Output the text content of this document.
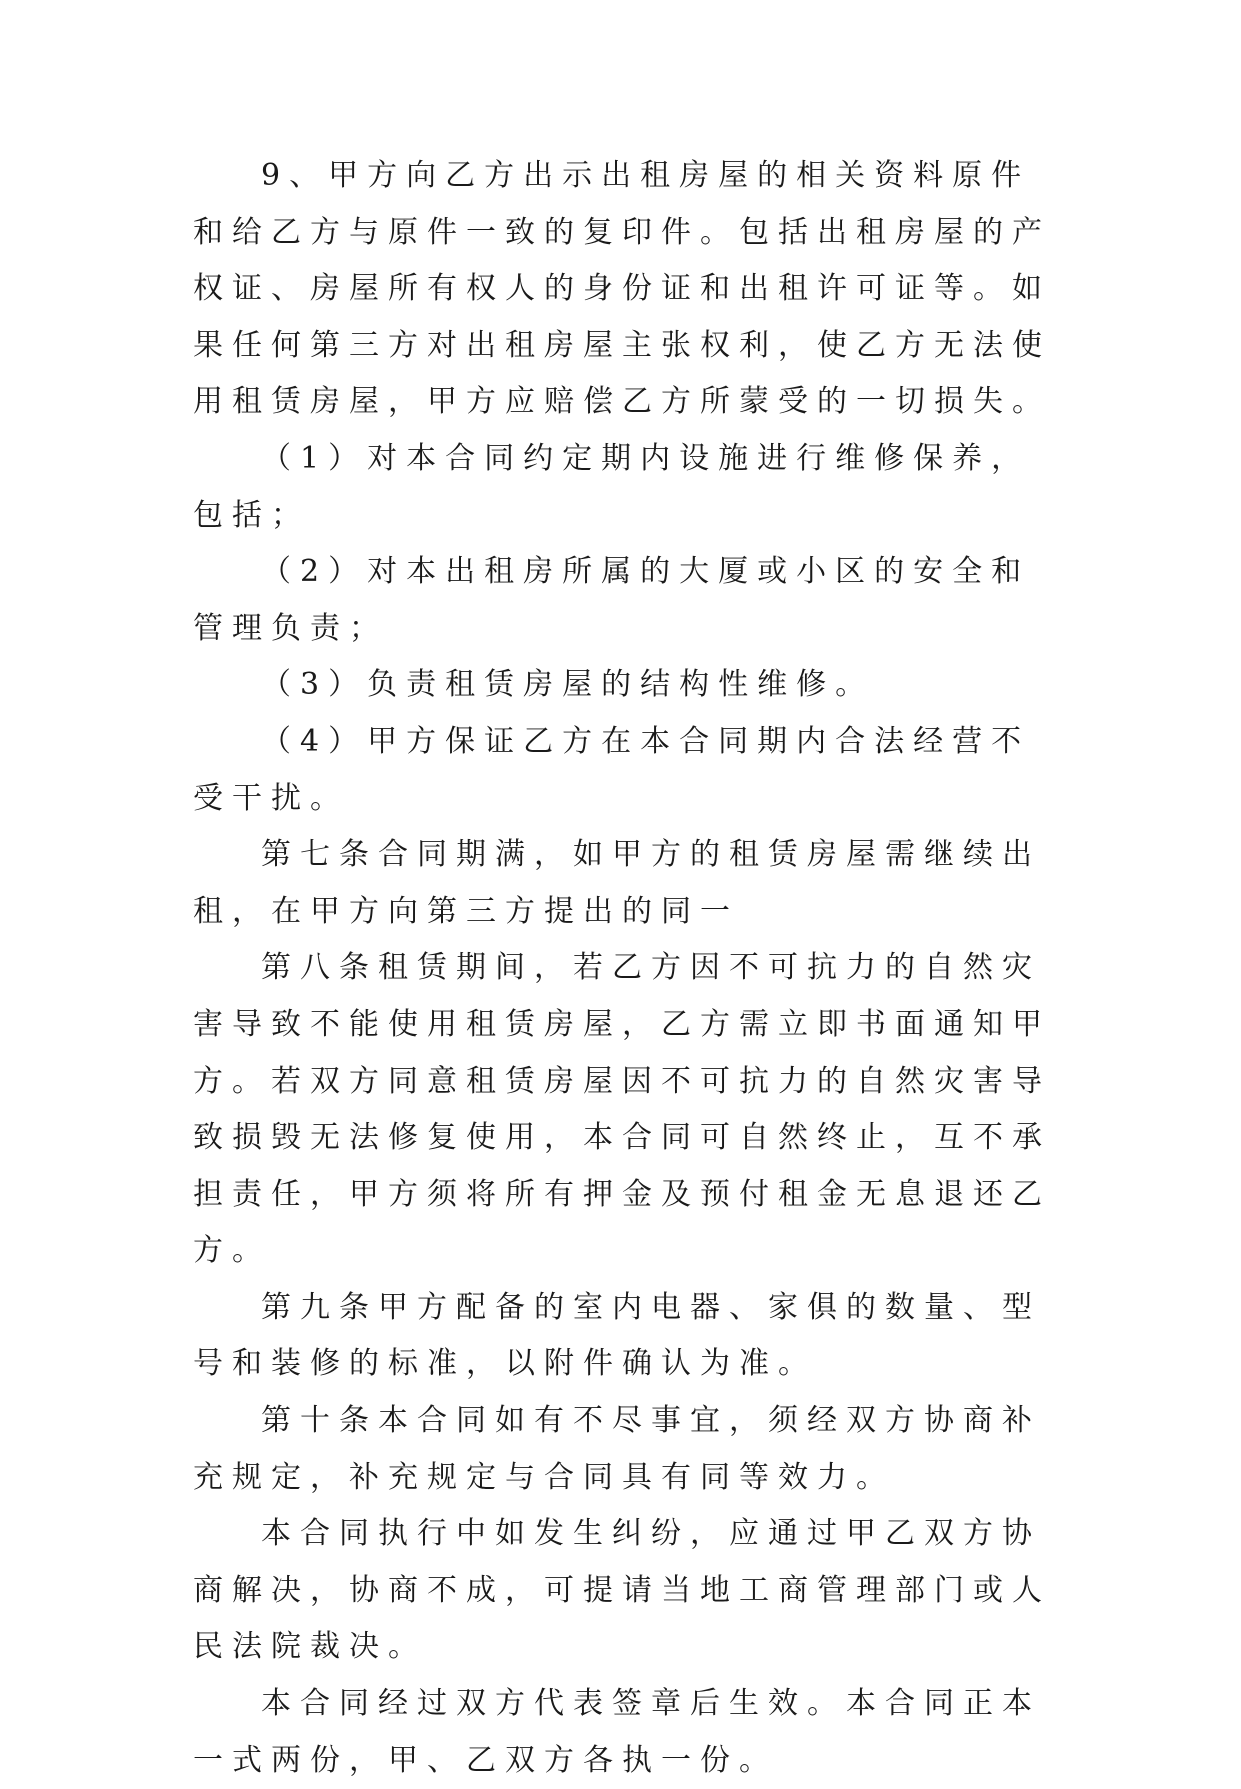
9、甲方向乙方出示出租房屋的相关资料原件和给乙方与原件一致的复印件。包括出租房屋的产权证、房屋所有权人的身份证和出租许可证等。如果任何第三方对出租房屋主张权利，使乙方无法使用租赁房屋，甲方应赔偿乙方所蒙受的一切损失。

（1）对本合同约定期内设施进行维修保养，包括；

（2）对本出租房所属的大厦或小区的安全和管理负责；

（3）负责租赁房屋的结构性维修。

（4）甲方保证乙方在本合同期内合法经营不受干扰。

第七条合同期满，如甲方的租赁房屋需继续出租，在甲方向第三方提出的同一

第八条租赁期间，若乙方因不可抗力的自然灾害导致不能使用租赁房屋，乙方需立即书面通知甲方。若双方同意租赁房屋因不可抗力的自然灾害导致损毁无法修复使用，本合同可自然终止，互不承担责任，甲方须将所有押金及预付租金无息退还乙方。

第九条甲方配备的室内电器、家俱的数量、型号和装修的标准，以附件确认为准。

第十条本合同如有不尽事宜，须经双方协商补充规定，补充规定与合同具有同等效力。

本合同执行中如发生纠纷，应通过甲乙双方协商解决，协商不成，可提请当地工商管理部门或人民法院裁决。

本合同经过双方代表签章后生效。本合同正本一式两份，甲、乙双方各执一份。
